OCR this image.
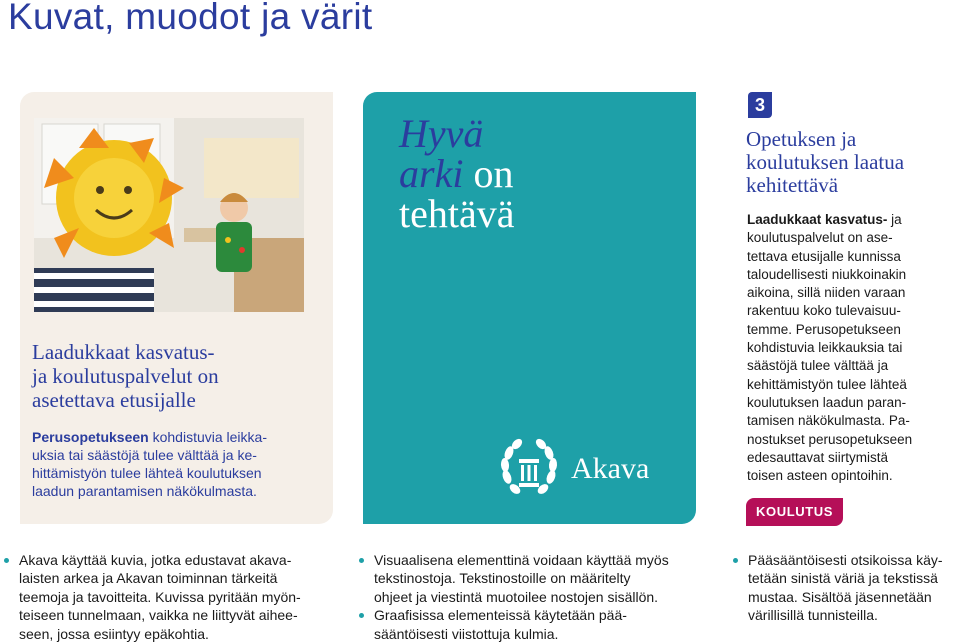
Kuvat, muodot ja värit
Laadukkaat kasvatus-
ja koulutuspalvelut on
asetettava etusijalle
Perusopetukseen kohdistuvia leikka-
uksia tai säästöjä tulee välttää ja ke-
hittämistyön tulee lähteä koulutuksen
laadun parantamisen näkökulmasta.
Hyvä
arki on
tehtävä
Akava
3
Opetuksen ja
koulutuksen laatua
kehitettävä
Laadukkaat kasvatus- ja
koulutuspalvelut on ase-
tettava etusijalle kunnissa
taloudellisesti niukkoinakin
aikoina, sillä niiden varaan
rakentuu koko tulevaisuu-
temme. Perusopetukseen
kohdistuvia leikkauksia tai
säästöjä tulee välttää ja
kehittämistyön tulee lähteä
koulutuksen laadun paran-
tamisen näkökulmasta. Pa-
nostukset perusopetukseen
edesauttavat siirtymistä
toisen asteen opintoihin.
KOULUTUS
Akava käyttää kuvia, jotka edustavat akava-
laisten arkea ja Akavan toiminnan tärkeitä
teemoja ja tavoitteita. Kuvissa pyritään myön-
teiseen tunnelmaan, vaikka ne liittyvät aihee-
seen, jossa esiintyy epäkohtia.
Visuaalisena elementtinä voidaan käyttää myös
tekstinostoja. Tekstinostoille on määritelty
ohjeet ja viestintä muotoilee nostojen sisällön.
Graafisissa elementeissä käytetään pää-
sääntöisesti viistottuja kulmia.
Pääsääntöisesti otsikoissa käy-
tetään sinistä väriä ja tekstissä
mustaa. Sisältöä jäsennetään
värillisillä tunnisteilla.
